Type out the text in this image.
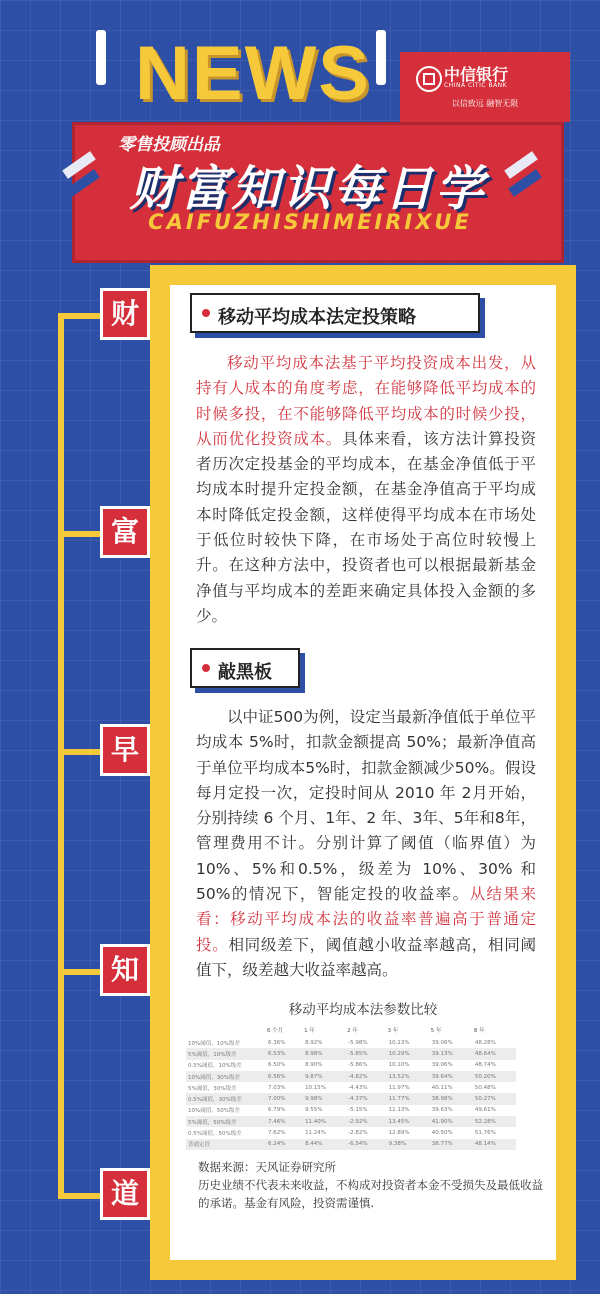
NEWS	中信银行
CHINA CITIC BANK
以信致远 融智无限
零售投顾出品
财富知识每日学
CAIFUZHISHIMEIRIXUE
财
富
早
知
道
移动平均成本法定投策略
移动平均成本法基于平均投资成本出发，从持有人成本的角度考虑，在能够降低平均成本的时候多投，在不能够降低平均成本的时候少投，从而优化投资成本。具体来看，该方法计算投资者历次定投基金的平均成本，在基金净值低于平均成本时提升定投金额，在基金净值高于平均成本时降低定投金额，这样使得平均成本在市场处于低位时较快下降，在市场处于高位时较慢上升。在这种方法中，投资者也可以根据最新基金净值与平均成本的差距来确定具体投入金额的多少。
敲黑板
以中证500为例，设定当最新净值低于单位平均成本 5%时，扣款金额提高 50%；最新净值高于单位平均成本5%时，扣款金额减少50%。假设每月定投一次，定投时间从 2010 年 2月开始，分别持续 6 个月、1年、2 年、3年、5年和8年，管理费用不计。分别计算了阈值（临界值）为10%、5%和0.5%，级差为 10%、30% 和 50%的情况下，智能定投的收益率。从结果来看：移动平均成本法的收益率普遍高于普通定投。相同级差下，阈值越小收益率越高，相同阈值下，级差越大收益率越高。
移动平均成本法参数比较
	6 个月	1 年	2 年	3 年	5 年	8 年
10%阈值，10%级差	6.36%	8.92%	-5.98%	10.13%	39.06%	48.28%
5%阈值，10%级差	6.53%	8.98%	-5.85%	10.29%	39.13%	48.64%
0.5%阈值，10%级差	6.50%	8.90%	-5.86%	10.10%	39.06%	48.74%
10%阈值，30%级差	6.56%	9.87%	-4.82%	13.52%	39.64%	50.20%
5%阈值，30%级差	7.03%	10.15%	-4.43%	11.97%	40.11%	50.48%
0.5%阈值，30%级差	7.00%	9.98%	-4.37%	11.77%	38.98%	50.27%
10%阈值，50%级差	6.79%	9.55%	-5.15%	11.13%	39.63%	49.61%
5%阈值，50%级差	7.46%	11.40%	-2.92%	13.45%	41.90%	52.28%
0.5%阈值，50%级差	7.62%	11.24%	-2.82%	12.89%	40.50%	51.76%
普通定投	6.24%	8.44%	-6.54%	9.38%	38.77%	48.14%
数据来源：天风证券研究所
历史业绩不代表未来收益，不构成对投资者本金不受损失及最低收益的承诺。基金有风险，投资需谨慎.
